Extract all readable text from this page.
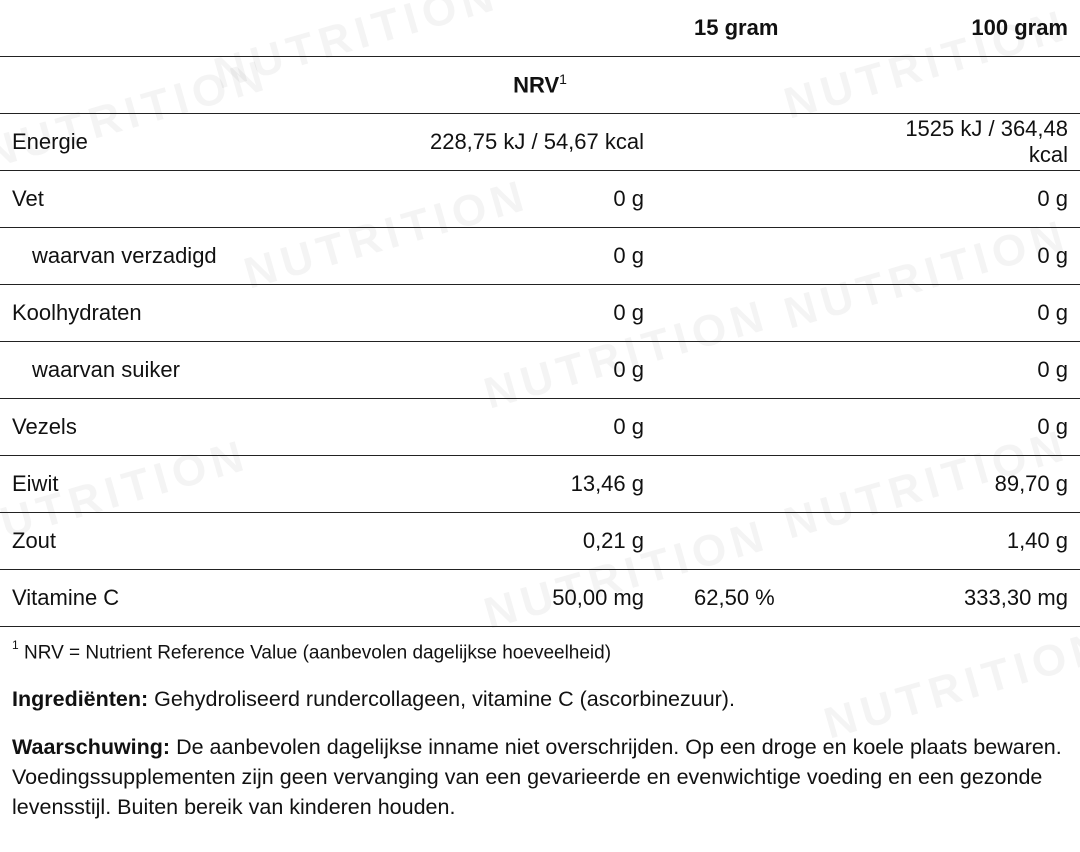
		15 gram	100 gram
NRV$^1$
Energie	228,75 kJ / 54,67 kcal		1525 kJ / 364,48 kcal
Vet	0 g		0 g
waarvan verzadigd	0 g		0 g
Koolhydraten	0 g		0 g
waarvan suiker	0 g		0 g
Vezels	0 g		0 g
Eiwit	13,46 g		89,70 g
Zout	0,21 g		1,40 g
Vitamine C	50,00 mg	62,50 %	333,30 mg
$^1$ NRV = Nutrient Reference Value (aanbevolen dagelijkse hoeveelheid)
Ingrediënten: Gehydroliseerd rundercollageen, vitamine C (ascorbinezuur).
Waarschuwing: De aanbevolen dagelijkse inname niet overschrijden. Op een droge en koele plaats bewaren. Voedingssupplementen zijn geen vervanging van een gevarieerde en evenwichtige voeding en een gezonde levensstijl. Buiten bereik van kinderen houden.
